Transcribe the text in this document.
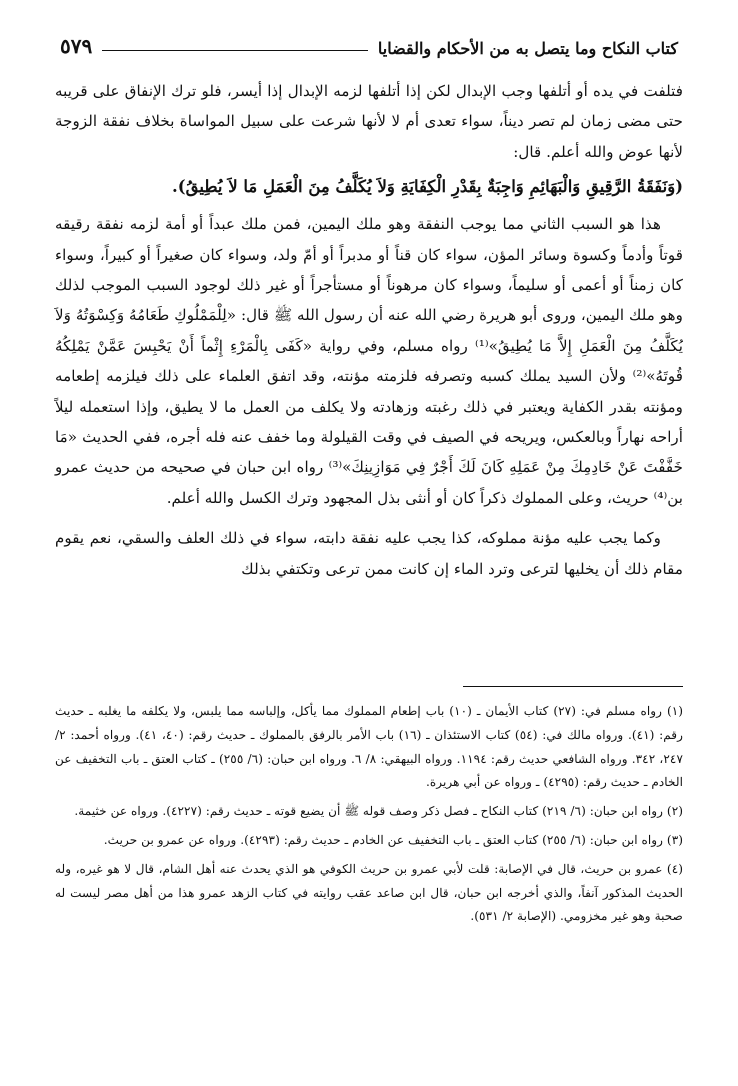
كتاب النكاح وما يتصل به من الأحكام والقضايا
٥٧٩

فتلفت في يده أو أتلفها وجب الإبدال لكن إذا أتلفها لزمه الإبدال إذا أيسر، فلو ترك الإنفاق على قريبه حتى مضى زمان لم تصر ديناً، سواء تعدى أم لا لأنها شرعت على سبيل المواساة بخلاف نفقة الزوجة لأنها عوض والله أعلم. قال:

(وَنَفَقَةُ الرَّقِيقِ وَالْبَهَائِمِ وَاجِبَةٌ بِقَدْرِ الْكِفَايَةِ وَلاَ يُكَلَّفُ مِنَ الْعَمَلِ مَا لاَ يُطِيقُ).

هذا هو السبب الثاني مما يوجب النفقة وهو ملك اليمين، فمن ملك عبداً أو أمة لزمه نفقة رقيقه قوتاً وأدماً وكسوة وسائر المؤن، سواء كان قناً أو مدبراً أو أمّ ولد، وسواء كان صغيراً أو كبيراً، وسواء كان زمناً أو أعمى أو سليماً، وسواء كان مرهوناً أو مستأجراً أو غير ذلك لوجود السبب الموجب لذلك وهو ملك اليمين، وروى أبو هريرة رضي الله عنه أن رسول الله ﷺ قال: «لِلْمَمْلُوكِ طَعَامُهُ وَكِسْوَتُهُ وَلاَ يُكَلَّفُ مِنَ الْعَمَلِ إِلاَّ مَا يُطِيقُ»⁽¹⁾ رواه مسلم، وفي رواية «كَفَى بِالْمَرْءِ إِثْماً أَنْ يَحْبِسَ عَمَّنْ يَمْلِكُهُ قُوتَهُ»⁽²⁾ ولأن السيد يملك كسبه وتصرفه فلزمته مؤنته، وقد اتفق العلماء على ذلك فيلزمه إطعامه ومؤنته بقدر الكفاية ويعتبر في ذلك رغبته وزهادته ولا يكلف من العمل ما لا يطيق، وإذا استعمله ليلاً أراحه نهاراً وبالعكس، ويريحه في الصيف في وقت القيلولة وما خفف عنه فله أجره، ففي الحديث «مَا خَفَّفْتَ عَنْ خَادِمِكَ مِنْ عَمَلِهِ كَانَ لَكَ أَجْرٌ فِي مَوَازِينِكَ»⁽³⁾ رواه ابن حبان في صحيحه من حديث عمرو بن⁽⁴⁾ حريث، وعلى المملوك ذكراً كان أو أنثى بذل المجهود وترك الكسل والله أعلم.

وكما يجب عليه مؤنة مملوكه، كذا يجب عليه نفقة دابته، سواء في ذلك العلف والسقي، نعم يقوم مقام ذلك أن يخليها لترعى وترد الماء إن كانت ممن ترعى وتكتفي بذلك

(١) رواه مسلم في: (٢٧) كتاب الأيمان ـ (١٠) باب إطعام المملوك مما يأكل، وإلباسه مما يلبس، ولا يكلفه ما يغلبه ـ حديث رقم: (٤١). ورواه مالك في: (٥٤) كتاب الاستئذان ـ (١٦) باب الأمر بالرفق بالمملوك ـ حديث رقم: (٤٠، ٤١). ورواه أحمد: ٢/ ٢٤٧، ٣٤٢. ورواه الشافعي حديث رقم: ١١٩٤. ورواه البيهقي: ٨/ ٦. ورواه ابن حبان: (٦/ ٢٥٥) ـ كتاب العتق ـ باب التخفيف عن الخادم ـ حديث رقم: (٤٢٩٥) ـ ورواه عن أبي هريرة.

(٢) رواه ابن حبان: (٦/ ٢١٩) كتاب النكاح ـ فصل ذكر وصف قوله ﷺ أن يضيع قوته ـ حديث رقم: (٤٢٢٧). ورواه عن خثيمة.

(٣) رواه ابن حبان: (٦/ ٢٥٥) كتاب العتق ـ باب التخفيف عن الخادم ـ حديث رقم: (٤٢٩٣). ورواه عن عمرو بن حريث.

(٤) عمرو بن حريث، قال في الإصابة: قلت لأبي عمرو بن حريث الكوفي هو الذي يحدث عنه أهل الشام، قال لا هو غيره، وله الحديث المذكور آنفاً، والذي أخرجه ابن حبان، قال ابن صاعد عقب روايته في كتاب الزهد عمرو هذا من أهل مصر ليست له صحبة وهو غير مخزومي. (الإصابة ٢/ ٥٣١).
